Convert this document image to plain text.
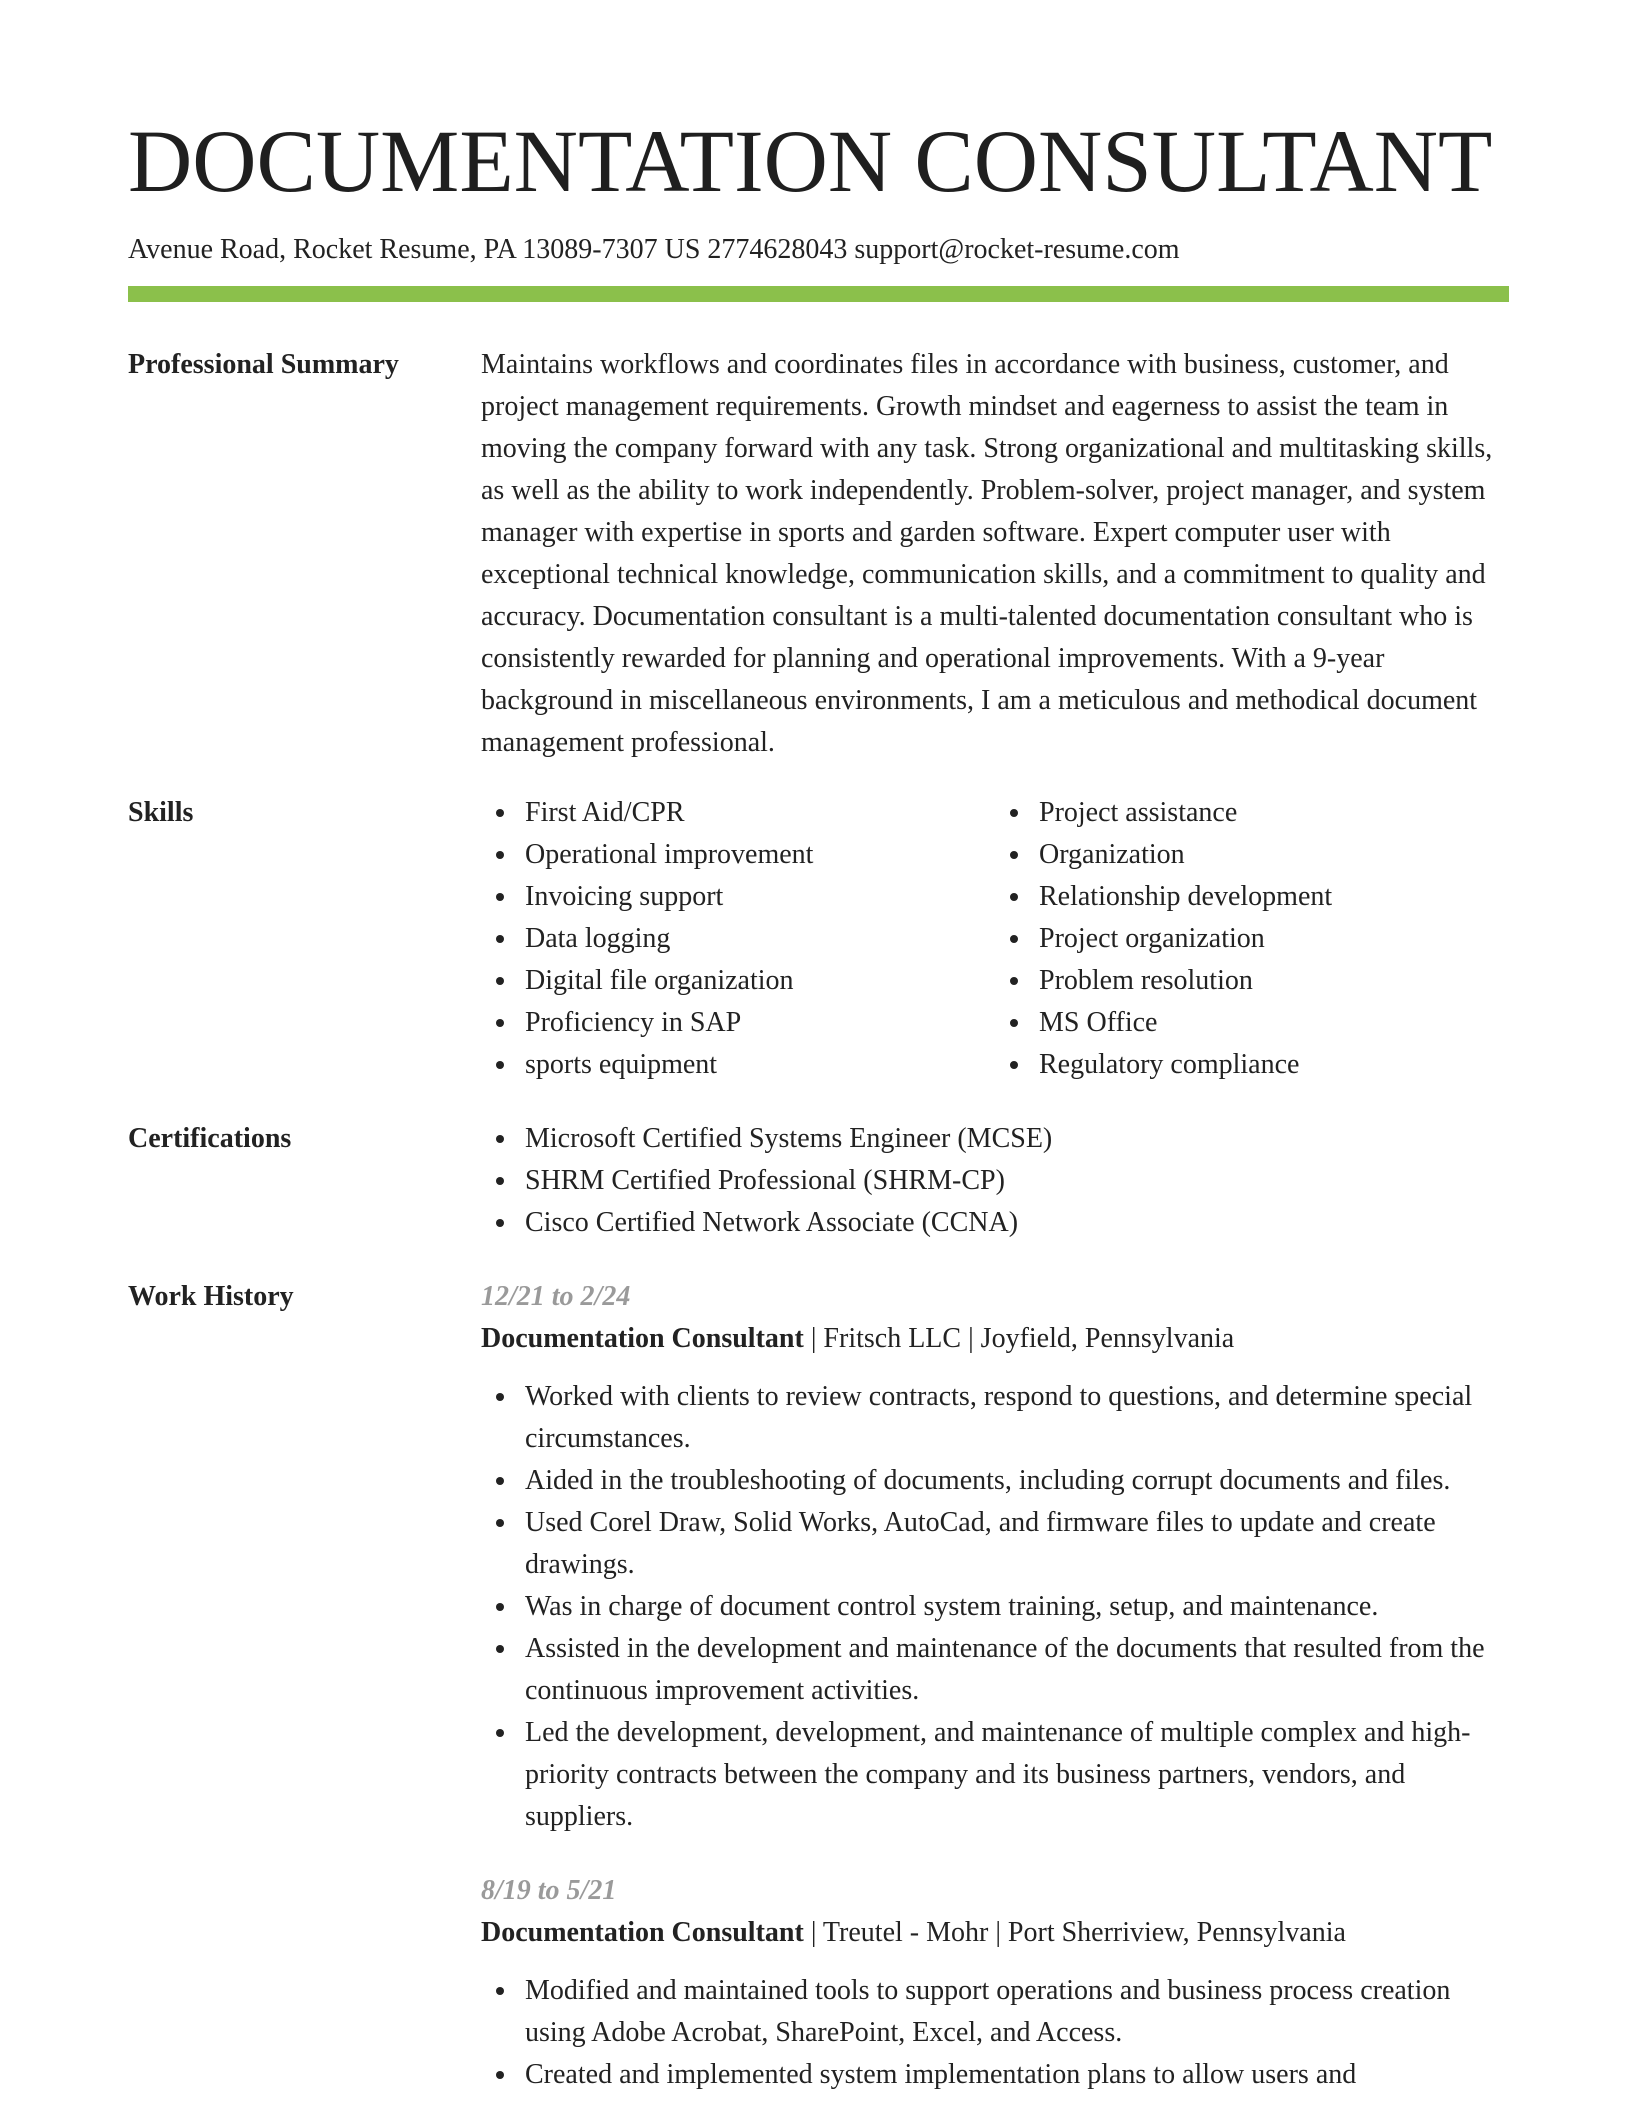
DOCUMENTATION CONSULTANT
Avenue Road, Rocket Resume, PA 13089-7307 US 2774628043 support@rocket-resume.com
Professional Summary	Maintains workflows and coordinates files in accordance with business, customer, and project management requirements. Growth mindset and eagerness to assist the team in moving the company forward with any task. Strong organizational and multitasking skills, as well as the ability to work independently. Problem-solver, project manager, and system manager with expertise in sports and garden software. Expert computer user with exceptional technical knowledge, communication skills, and a commitment to quality and accuracy. Documentation consultant is a multi-talented documentation consultant who is consistently rewarded for planning and operational improvements. With a 9-year background in miscellaneous environments, I am a meticulous and methodical document management professional.

Skills	First Aid/CPR
Operational improvement
Invoicing support
Data logging
Digital file organization
Proficiency in SAP
sports equipment
Project assistance
Organization
Relationship development
Project organization
Problem resolution
MS Office
Regulatory compliance
Certifications	Microsoft Certified Systems Engineer (MCSE)
SHRM Certified Professional (SHRM-CP)
Cisco Certified Network Associate (CCNA)
Work History	12/21 to 2/24
Documentation Consultant | Fritsch LLC | Joyfield, Pennsylvania
Worked with clients to review contracts, respond to questions, and determine special circumstances.
Aided in the troubleshooting of documents, including corrupt documents and files.
Used Corel Draw, Solid Works, AutoCad, and firmware files to update and create drawings.
Was in charge of document control system training, setup, and maintenance.
Assisted in the development and maintenance of the documents that resulted from the continuous improvement activities.
Led the development, development, and maintenance of multiple complex and high-priority contracts between the company and its business partners, vendors, and suppliers.
8/19 to 5/21
Documentation Consultant | Treutel - Mohr | Port Sherriview, Pennsylvania
Modified and maintained tools to support operations and business process creation using Adobe Acrobat, SharePoint, Excel, and Access.
Created and implemented system implementation plans to allow users and
